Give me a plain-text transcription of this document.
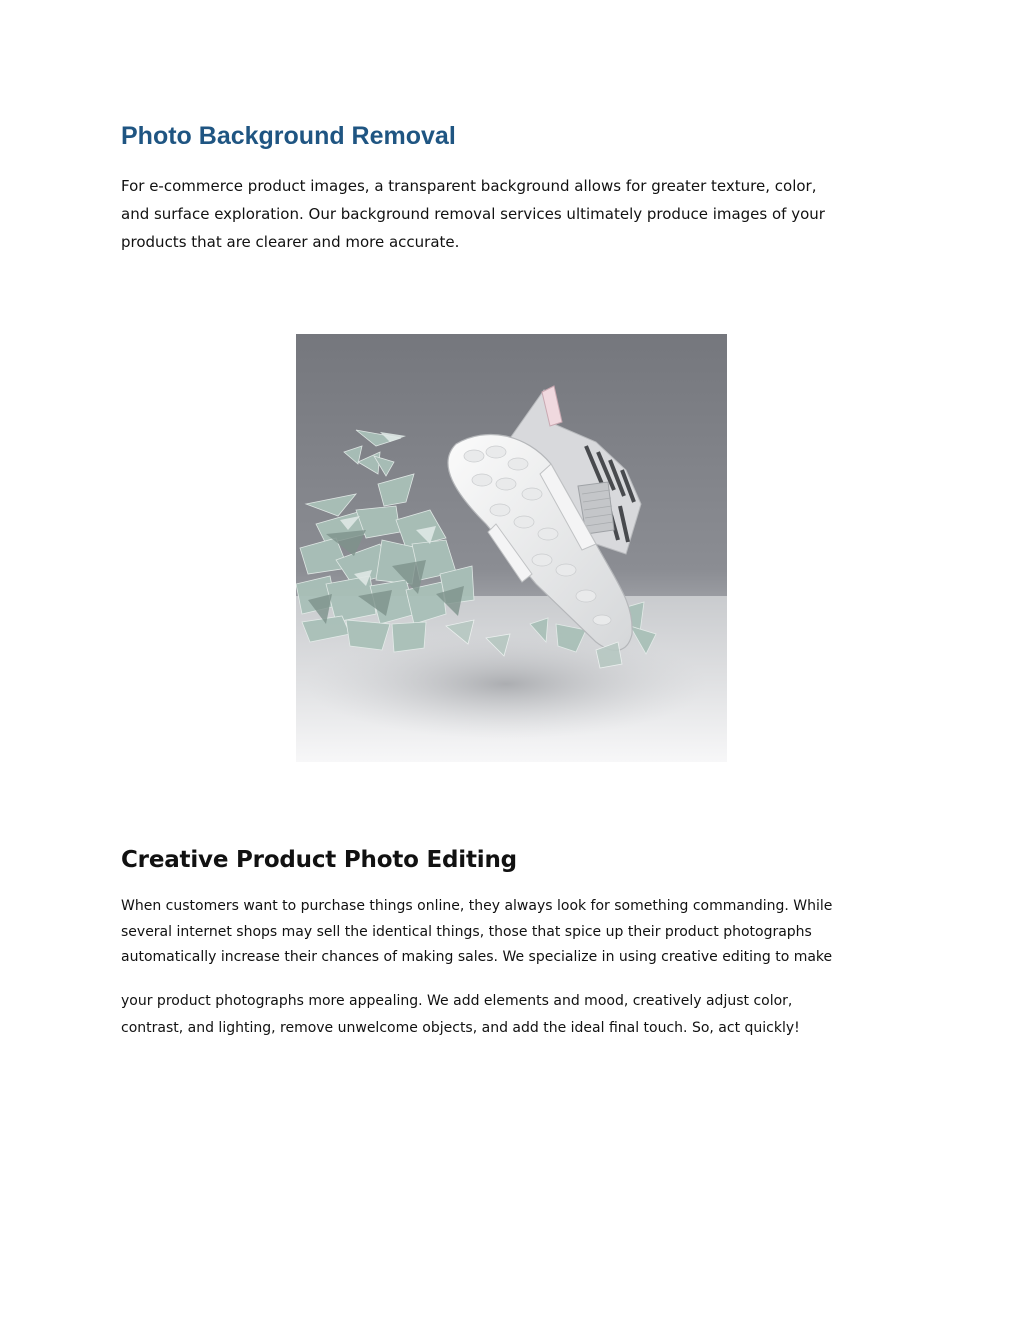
Photo Background Removal

For e-commerce product images, a transparent background allows for greater texture, color,
and surface exploration. Our background removal services ultimately produce images of your
products that are clearer and more accurate.

Creative Product Photo Editing

When customers want to purchase things online, they always look for something commanding. While
several internet shops may sell the identical things, those that spice up their product photographs
automatically increase their chances of making sales. We specialize in using creative editing to make

your product photographs more appealing. We add elements and mood, creatively adjust color,
contrast, and lighting, remove unwelcome objects, and add the ideal final touch. So, act quickly!
